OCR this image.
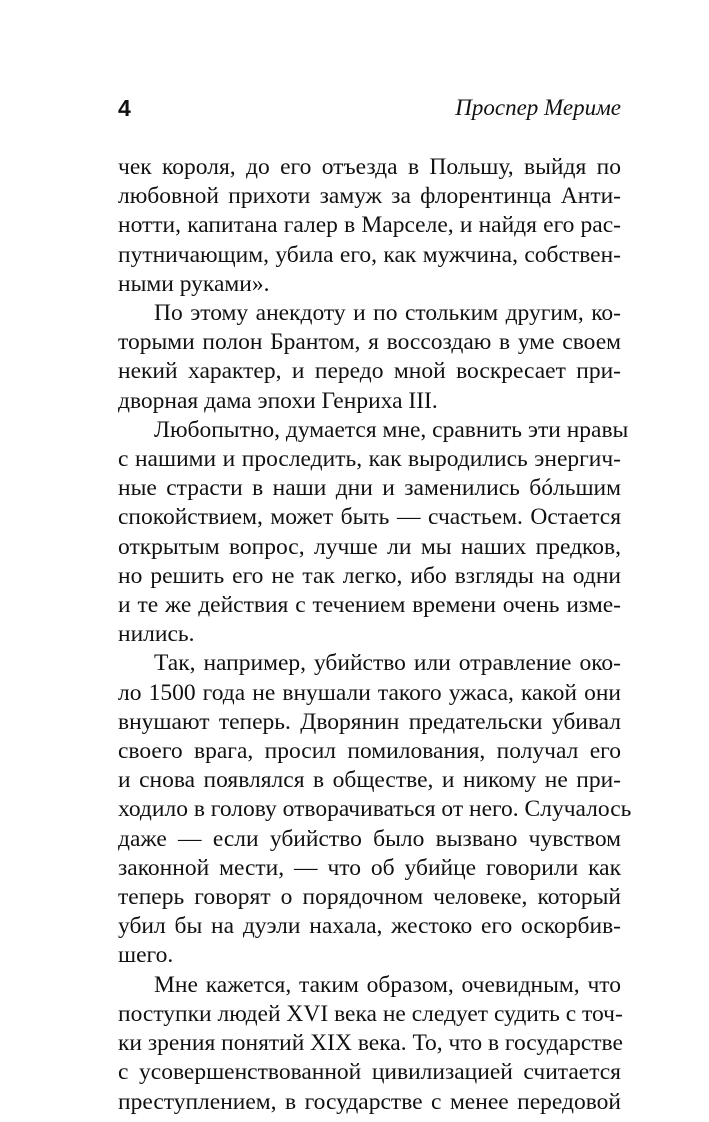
4	Проспер Мериме

чек короля, до его отъезда в Польшу, выйдя по
любовной прихоти замуж за флорентинца Анти-
нотти, капитана галер в Марселе, и найдя его рас-
путничающим, убила его, как мужчина, собствен-
ными руками».

По этому анекдоту и по стольким другим, ко-
торыми полон Брантом, я воссоздаю в уме своем
некий характер, и передо мной воскресает при-
дворная дама эпохи Генриха III.

Любопытно, думается мне, сравнить эти нравы
с нашими и проследить, как выродились энергич-
ные страсти в наши дни и заменились бóльшим
спокойствием, может быть — счастьем. Остается
открытым вопрос, лучше ли мы наших предков,
но решить его не так легко, ибо взгляды на одни
и те же действия с течением времени очень изме-
нились.

Так, например, убийство или отравление око-
ло 1500 года не внушали такого ужаса, какой они
внушают теперь. Дворянин предательски убивал
своего врага, просил помилования, получал его
и снова появлялся в обществе, и никому не при-
ходило в голову отворачиваться от него. Случалось
даже — если убийство было вызвано чувством
законной мести, — что об убийце говорили как
теперь говорят о порядочном человеке, который
убил бы на дуэли нахала, жестоко его оскорбив-
шего.

Мне кажется, таким образом, очевидным, что
поступки людей XVI века не следует судить с точ-
ки зрения понятий XIX века. То, что в государстве
с усовершенствованной цивилизацией считается
преступлением, в государстве с менее передовой
